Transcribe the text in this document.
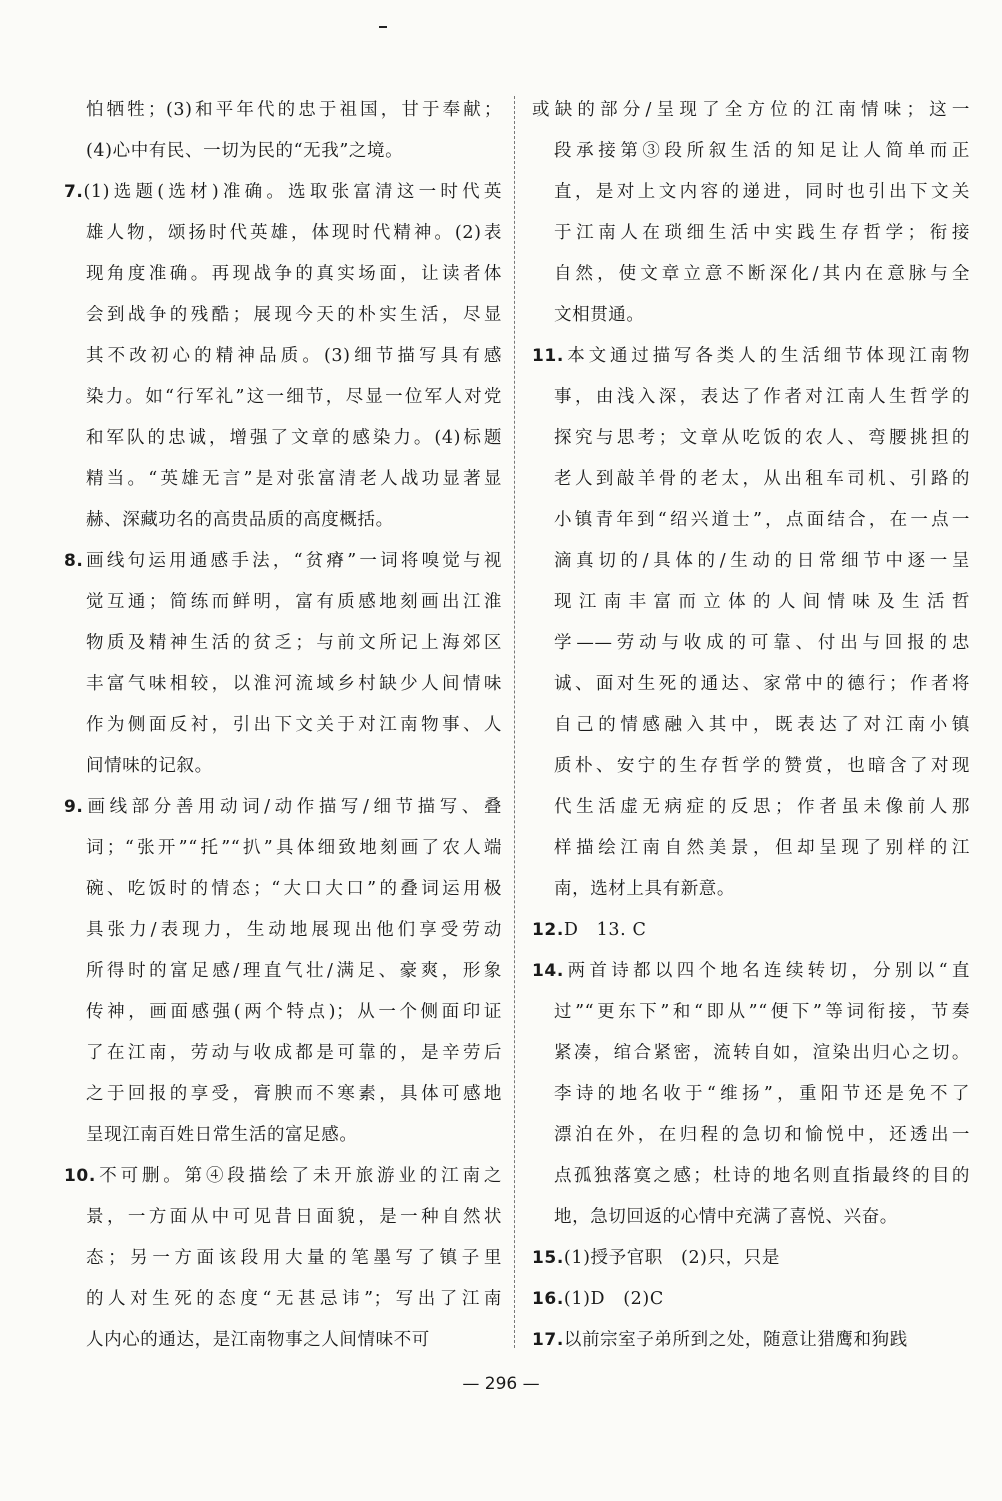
怕牺牲；(3)和平年代的忠于祖国，甘于奉献；
(4)心中有民、一切为民的“无我”之境。
7.(1)选题(选材)准确。选取张富清这一时代英
雄人物，颂扬时代英雄，体现时代精神。(2)表
现角度准确。再现战争的真实场面，让读者体
会到战争的残酷；展现今天的朴实生活，尽显
其不改初心的精神品质。(3)细节描写具有感
染力。如“行军礼”这一细节，尽显一位军人对党
和军队的忠诚，增强了文章的感染力。(4)标题
精当。“英雄无言”是对张富清老人战功显著显
赫、深藏功名的高贵品质的高度概括。
8.画线句运用通感手法，“贫瘠”一词将嗅觉与视
觉互通；简练而鲜明，富有质感地刻画出江淮
物质及精神生活的贫乏；与前文所记上海郊区
丰富气味相较，以淮河流域乡村缺少人间情味
作为侧面反衬，引出下文关于对江南物事、人
间情味的记叙。
9.画线部分善用动词/动作描写/细节描写、叠
词；“张开”“托”“扒”具体细致地刻画了农人端
碗、吃饭时的情态；“大口大口”的叠词运用极
具张力/表现力，生动地展现出他们享受劳动
所得时的富足感/理直气壮/满足、豪爽，形象
传神，画面感强(两个特点)；从一个侧面印证
了在江南，劳动与收成都是可靠的，是辛劳后
之于回报的享受，膏腴而不寒素，具体可感地
呈现江南百姓日常生活的富足感。
10.不可删。第④段描绘了未开旅游业的江南之
景，一方面从中可见昔日面貌，是一种自然状
态；另一方面该段用大量的笔墨写了镇子里
的人对生死的态度“无甚忌讳”；写出了江南
人内心的通达，是江南物事之人间情味不可
或缺的部分/呈现了全方位的江南情味；这一
段承接第③段所叙生活的知足让人简单而正
直，是对上文内容的递进，同时也引出下文关
于江南人在琐细生活中实践生存哲学；衔接
自然，使文章立意不断深化/其内在意脉与全
文相贯通。
11.本文通过描写各类人的生活细节体现江南物
事，由浅入深，表达了作者对江南人生哲学的
探究与思考；文章从吃饭的农人、弯腰挑担的
老人到敲羊骨的老太，从出租车司机、引路的
小镇青年到“绍兴道士”，点面结合，在一点一
滴真切的/具体的/生动的日常细节中逐一呈
现江南丰富而立体的人间情味及生活哲
学——劳动与收成的可靠、付出与回报的忠
诚、面对生死的通达、家常中的德行；作者将
自己的情感融入其中，既表达了对江南小镇
质朴、安宁的生存哲学的赞赏，也暗含了对现
代生活虚无病症的反思；作者虽未像前人那
样描绘江南自然美景，但却呈现了别样的江
南，选材上具有新意。
12.D　13. C
14.两首诗都以四个地名连续转切，分别以“直
过”“更东下”和“即从”“便下”等词衔接，节奏
紧凑，绾合紧密，流转自如，渲染出归心之切。
李诗的地名收于“维扬”，重阳节还是免不了
漂泊在外，在归程的急切和愉悦中，还透出一
点孤独落寞之感；杜诗的地名则直指最终的目的
地，急切回返的心情中充满了喜悦、兴奋。
15.(1)授予官职　(2)只，只是
16.(1)D　(2)C
17.以前宗室子弟所到之处，随意让猎鹰和狗践
— 296 —
